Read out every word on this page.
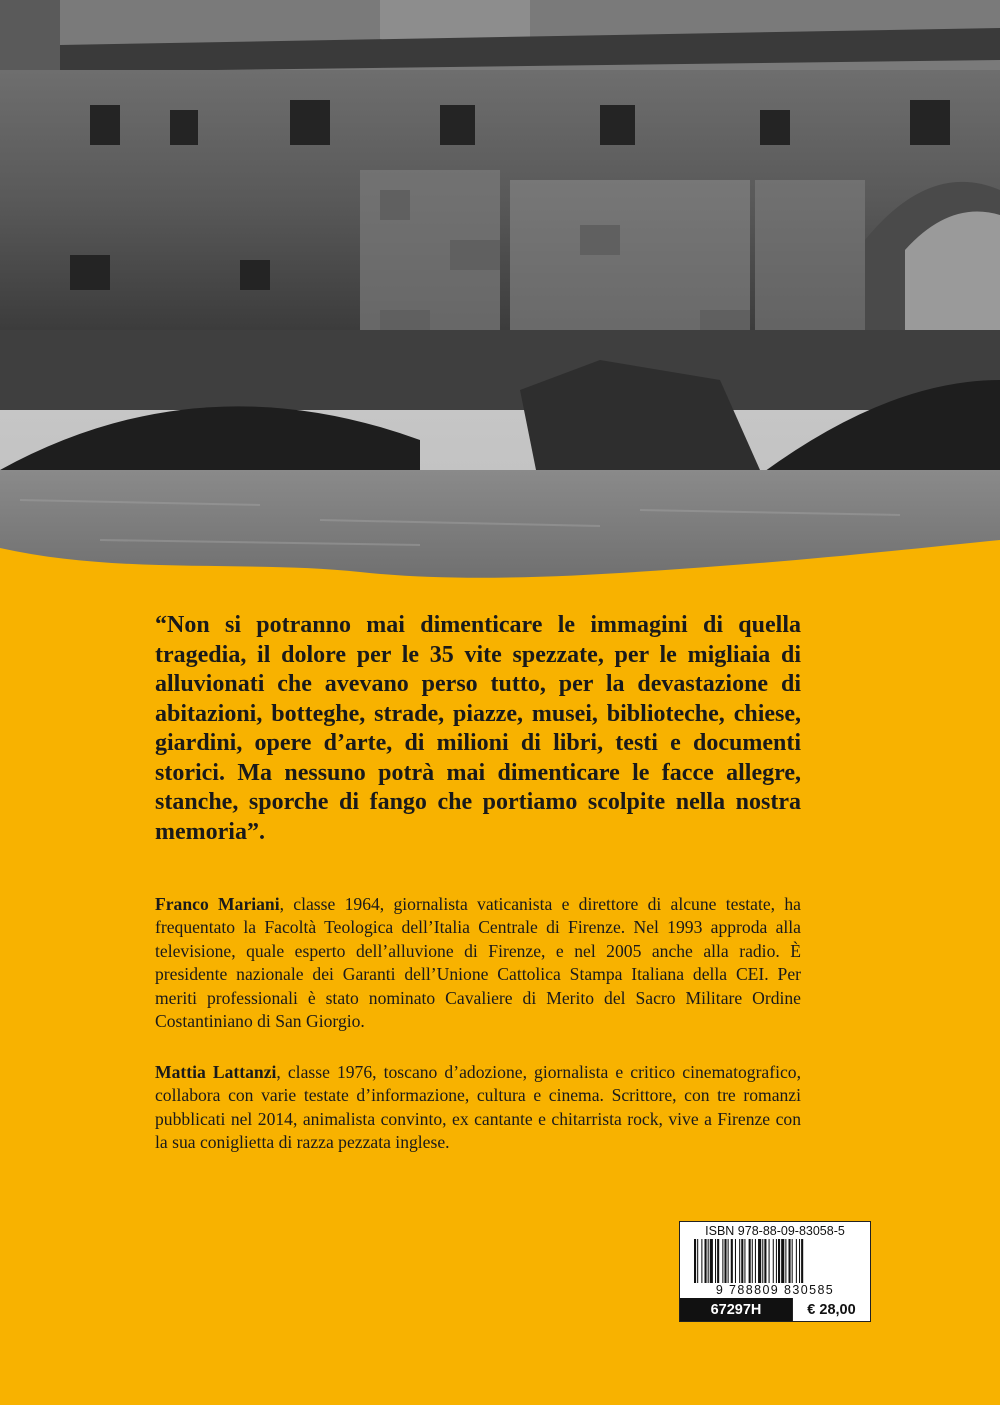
“Non si potranno mai dimenticare le immagini di quella tragedia, il dolore per le 35 vite spezzate, per le migliaia di alluvionati che avevano perso tutto, per la devastazione di abitazioni, botteghe, strade, piazze, musei, biblioteche, chiese, giardini, opere d’arte, di milioni di libri, testi e documenti storici. Ma nessuno potrà mai dimenticare le facce allegre, stanche, sporche di fango che portiamo scolpite nella nostra memoria”.

Franco Mariani, classe 1964, giornalista vaticanista e direttore di alcune testate, ha frequentato la Facoltà Teologica dell’Italia Centrale di Firenze. Nel 1993 approda alla televisione, quale esperto dell’alluvione di Firenze, e nel 2005 anche alla radio. È presidente nazionale dei Garanti dell’Unione Cattolica Stampa Italiana della CEI. Per meriti professionali è stato nominato Cavaliere di Merito del Sacro Militare Ordine Costantiniano di San Giorgio.

Mattia Lattanzi, classe 1976, toscano d’adozione, giornalista e critico cinematografico, collabora con varie testate d’informazione, cultura e cinema. Scrittore, con tre romanzi pubblicati nel 2014, animalista convinto, ex cantante e chitarrista rock, vive a Firenze con la sua coniglietta di razza pezzata inglese.

ISBN 978-88-09-83058-5
9 788809 830585
67297H	€ 28,00
